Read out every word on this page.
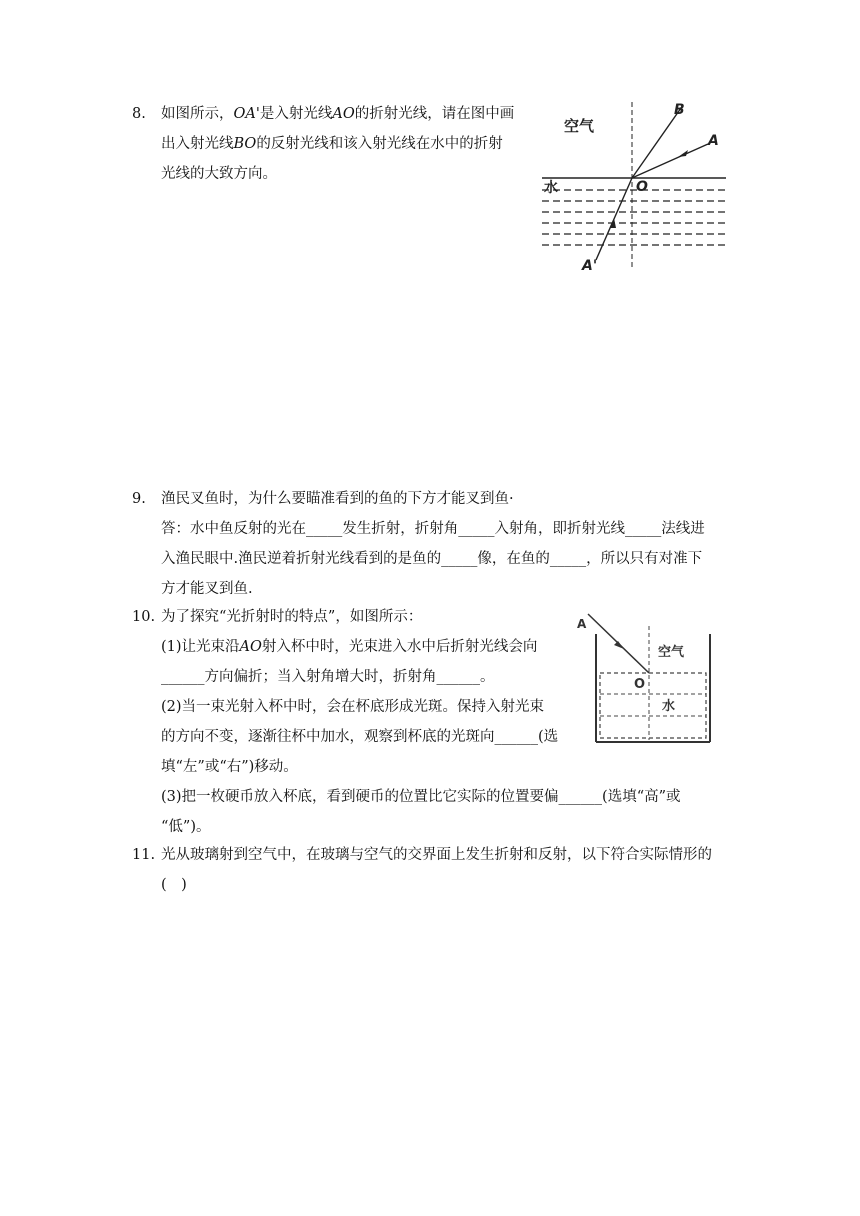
8. 如图所示，OA'是入射光线AO的折射光线，请在图中画
出入射光线BO的反射光线和该入射光线在水中的折射
光线的大致方向。
空气
水	O
B
A
A'
9. 渔民叉鱼时，为什么要瞄准看到的鱼的下方才能叉到鱼·
答：水中鱼反射的光在_____发生折射，折射角_____入射角，即折射光线_____法线进
入渔民眼中.渔民逆着折射光线看到的是鱼的_____像，在鱼的_____，所以只有对准下
方才能叉到鱼.
10. 为了探究“光折射时的特点”，如图所示：
(1)让光束沿AO射入杯中时，光束进入水中后折射光线会向
______方向偏折；当入射角增大时，折射角______。
(2)当一束光射入杯中时，会在杯底形成光斑。保持入射光束
的方向不变，逐渐往杯中加水，观察到杯底的光斑向______(选
填“左”或“右”)移动。
(3)把一枚硬币放入杯底，看到硬币的位置比它实际的位置要偏______(选填“高”或
“低”)。
A
O
空气
水
11. 光从玻璃射到空气中，在玻璃与空气的交界面上发生折射和反射，以下符合实际情形的
(　)
